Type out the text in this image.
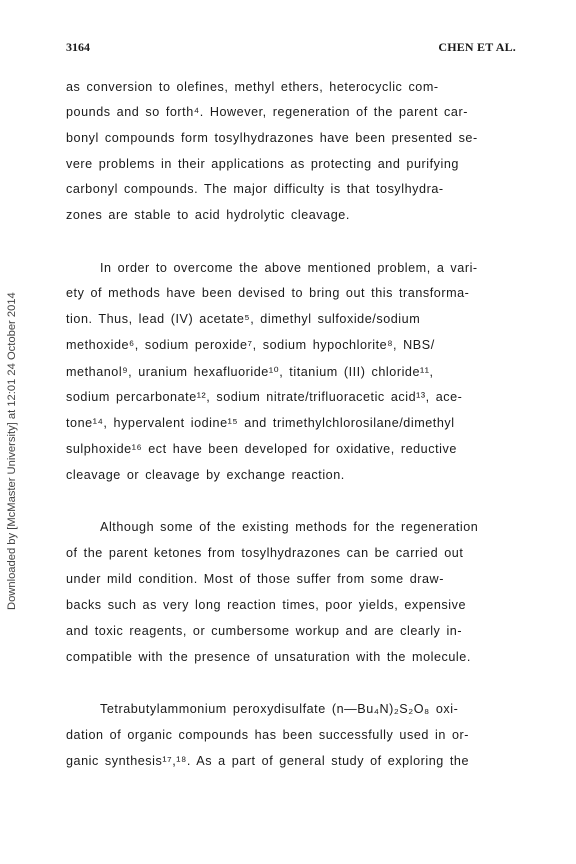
3164	CHEN ET AL.
Downloaded by [McMaster University] at 12:01 24 October 2014
as conversion to olefines, methyl ethers, heterocyclic com-
pounds and so forth⁴. However, regeneration of the parent car-
bonyl compounds form tosylhydrazones have been presented se-
vere problems in their applications as protecting and purifying
carbonyl compounds. The major difficulty is that tosylhydra-
zones are stable to acid hydrolytic cleavage.
In order to overcome the above mentioned problem, a vari-
ety of methods have been devised to bring out this transforma-
tion. Thus, lead (IV) acetate⁵, dimethyl sulfoxide/sodium
methoxide⁶, sodium peroxide⁷, sodium hypochlorite⁸, NBS/
methanol⁹, uranium hexafluoride¹⁰, titanium (III) chloride¹¹,
sodium percarbonate¹², sodium nitrate/trifluoracetic acid¹³, ace-
tone¹⁴, hypervalent iodine¹⁵ and trimethylchlorosilane/dimethyl
sulphoxide¹⁶ ect have been developed for oxidative, reductive
cleavage or cleavage by exchange reaction.
Although some of the existing methods for the regeneration
of the parent ketones from tosylhydrazones can be carried out
under mild condition. Most of those suffer from some draw-
backs such as very long reaction times, poor yields, expensive
and toxic reagents, or cumbersome workup and are clearly in-
compatible with the presence of unsaturation with the molecule.
Tetrabutylammonium peroxydisulfate (n—Bu₄N)₂S₂O₈ oxi-
dation of organic compounds has been successfully used in or-
ganic synthesis¹⁷,¹⁸. As a part of general study of exploring the
